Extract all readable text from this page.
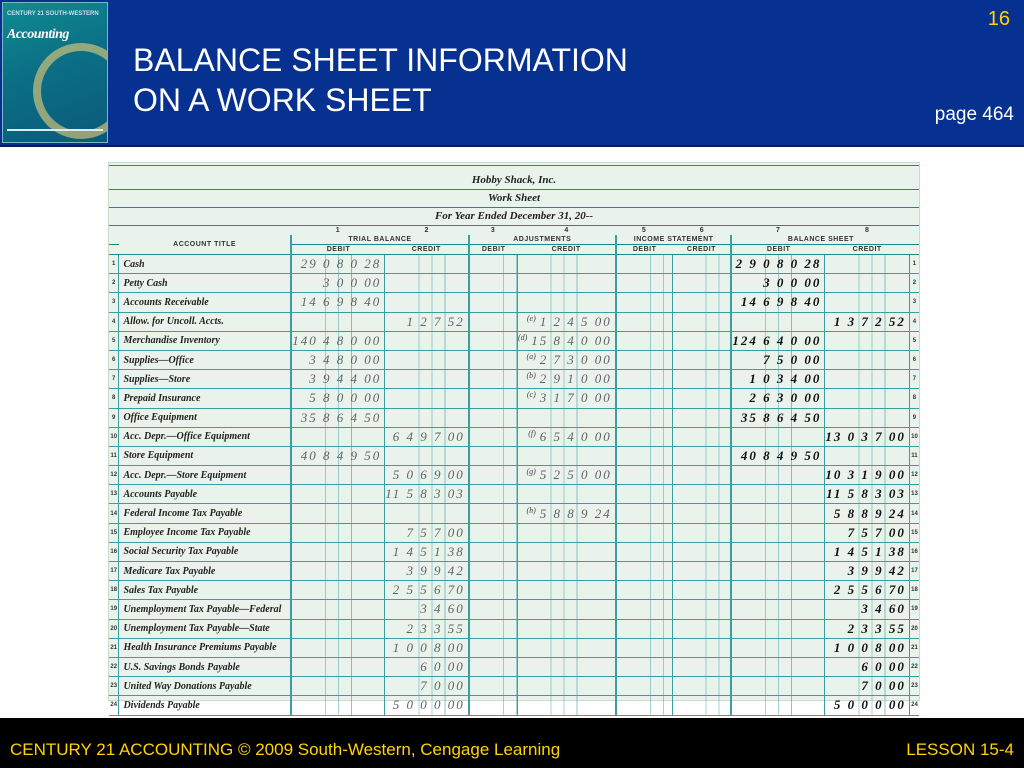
CENTURY 21 SOUTH-WESTERN
Accounting
BALANCE SHEET INFORMATION
ON A WORK SHEET
16
page 464
Hobby Shack, Inc.
Work Sheet
For Year Ended December 31, 20--
		1	2	3	4	5	6	7	8	
	ACCOUNT TITLE	TRIAL BALANCE		ADJUSTMENTS		INCOME STATEMENT		BALANCE SHEET		
		DEBIT	CREDIT	DEBIT	CREDIT	DEBIT	CREDIT	DEBIT	CREDIT	
1	Cash	29 0 8 0 28						2 9 0 8 0 28		1
2	Petty Cash	3 0 0 00						3 0 0 00		2
3	Accounts Receivable	14 6 9 8 40						14 6 9 8 40		3
4	Allow. for Uncoll. Accts.		1 2 7 52		$^{(e)}$ 1 2 4 5 00				1 3 7 2 52	4
5	Merchandise Inventory	140 4 8 0 00			$^{(d)}$ 15 8 4 0 00			124 6 4 0 00		5
6	Supplies—Office	3 4 8 0 00			$^{(a)}$ 2 7 3 0 00			7 5 0 00		6
7	Supplies—Store	3 9 4 4 00			$^{(b)}$ 2 9 1 0 00			1 0 3 4 00		7
8	Prepaid Insurance	5 8 0 0 00			$^{(c)}$ 3 1 7 0 00			2 6 3 0 00		8
9	Office Equipment	35 8 6 4 50						35 8 6 4 50		9
10	Acc. Depr.—Office Equipment		6 4 9 7 00		$^{(f)}$ 6 5 4 0 00				13 0 3 7 00	10
11	Store Equipment	40 8 4 9 50						40 8 4 9 50		11
12	Acc. Depr.—Store Equipment		5 0 6 9 00		$^{(g)}$ 5 2 5 0 00				10 3 1 9 00	12
13	Accounts Payable		11 5 8 3 03						11 5 8 3 03	13
14	Federal Income Tax Payable				$^{(h)}$ 5 8 8 9 24				5 8 8 9 24	14
15	Employee Income Tax Payable		7 5 7 00						7 5 7 00	15
16	Social Security Tax Payable		1 4 5 1 38						1 4 5 1 38	16
17	Medicare Tax Payable		3 9 9 42						3 9 9 42	17
18	Sales Tax Payable		2 5 5 6 70						2 5 5 6 70	18
19	Unemployment Tax Payable—Federal		3 4 60						3 4 60	19
20	Unemployment Tax Payable—State		2 3 3 55						2 3 3 55	20
21	Health Insurance Premiums Payable		1 0 0 8 00						1 0 0 8 00	21
22	U.S. Savings Bonds Payable		6 0 00						6 0 00	22
23	United Way Donations Payable		7 0 00						7 0 00	23
24	Dividends Payable		5 0 0 0 00						5 0 0 0 00	24
CENTURY 21 ACCOUNTING © 2009 South-Western, Cengage Learning	LESSON 15-4
